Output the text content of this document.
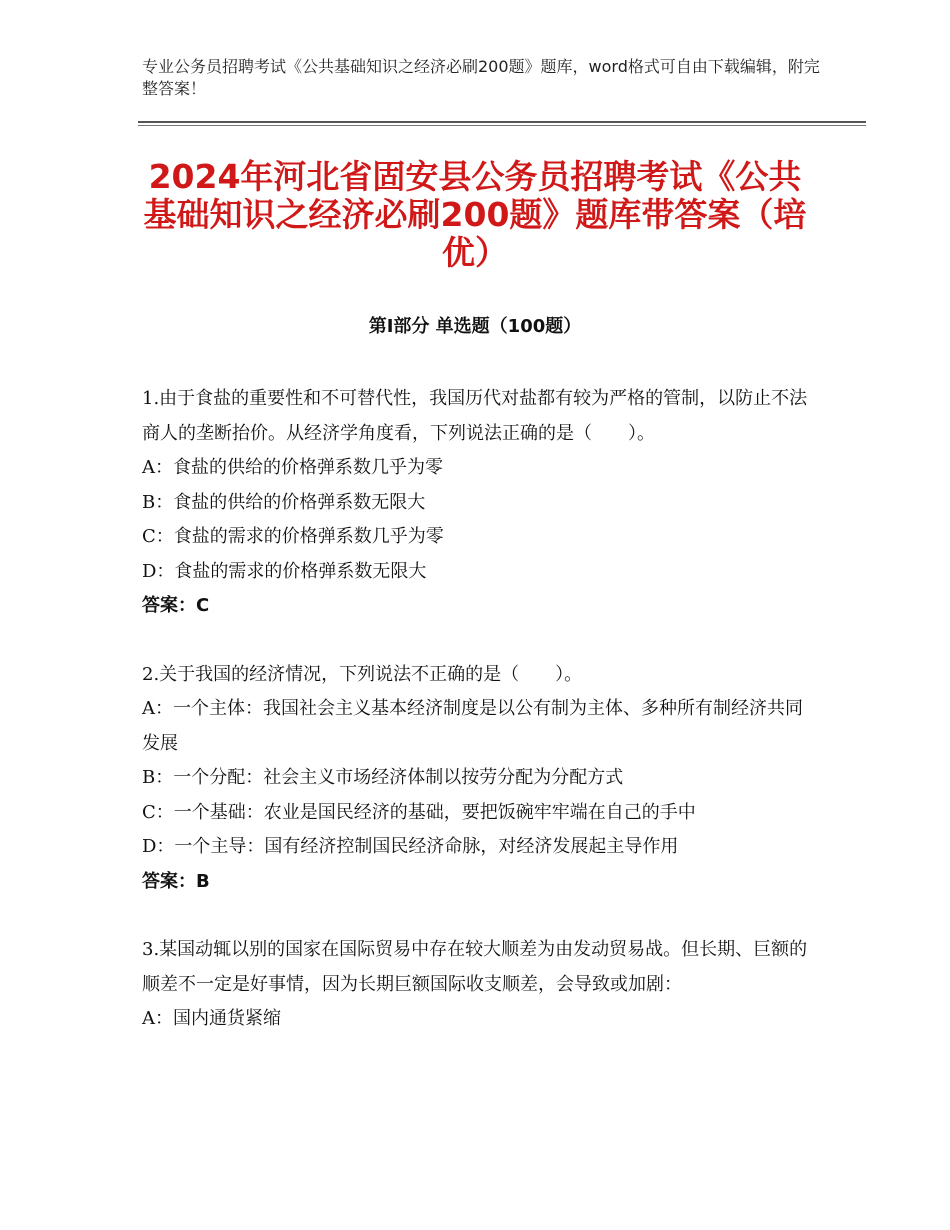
专业公务员招聘考试《公共基础知识之经济必刷200题》题库，word格式可自由下载编辑，附完整答案！
2024年河北省固安县公务员招聘考试《公共基础知识之经济必刷200题》题库带答案（培优）
第Ⅰ部分 单选题（100题）
1.由于食盐的重要性和不可替代性，我国历代对盐都有较为严格的管制，以防止不法商人的垄断抬价。从经济学角度看，下列说法正确的是（　　）。
A：食盐的供给的价格弹系数几乎为零
B：食盐的供给的价格弹系数无限大
C：食盐的需求的价格弹系数几乎为零
D：食盐的需求的价格弹系数无限大
答案：C
2.关于我国的经济情况，下列说法不正确的是（　　）。
A：一个主体：我国社会主义基本经济制度是以公有制为主体、多种所有制经济共同发展
B：一个分配：社会主义市场经济体制以按劳分配为分配方式
C：一个基础：农业是国民经济的基础，要把饭碗牢牢端在自己的手中
D：一个主导：国有经济控制国民经济命脉，对经济发展起主导作用
答案：B
3.某国动辄以别的国家在国际贸易中存在较大顺差为由发动贸易战。但长期、巨额的顺差不一定是好事情，因为长期巨额国际收支顺差，会导致或加剧：
A：国内通货紧缩
